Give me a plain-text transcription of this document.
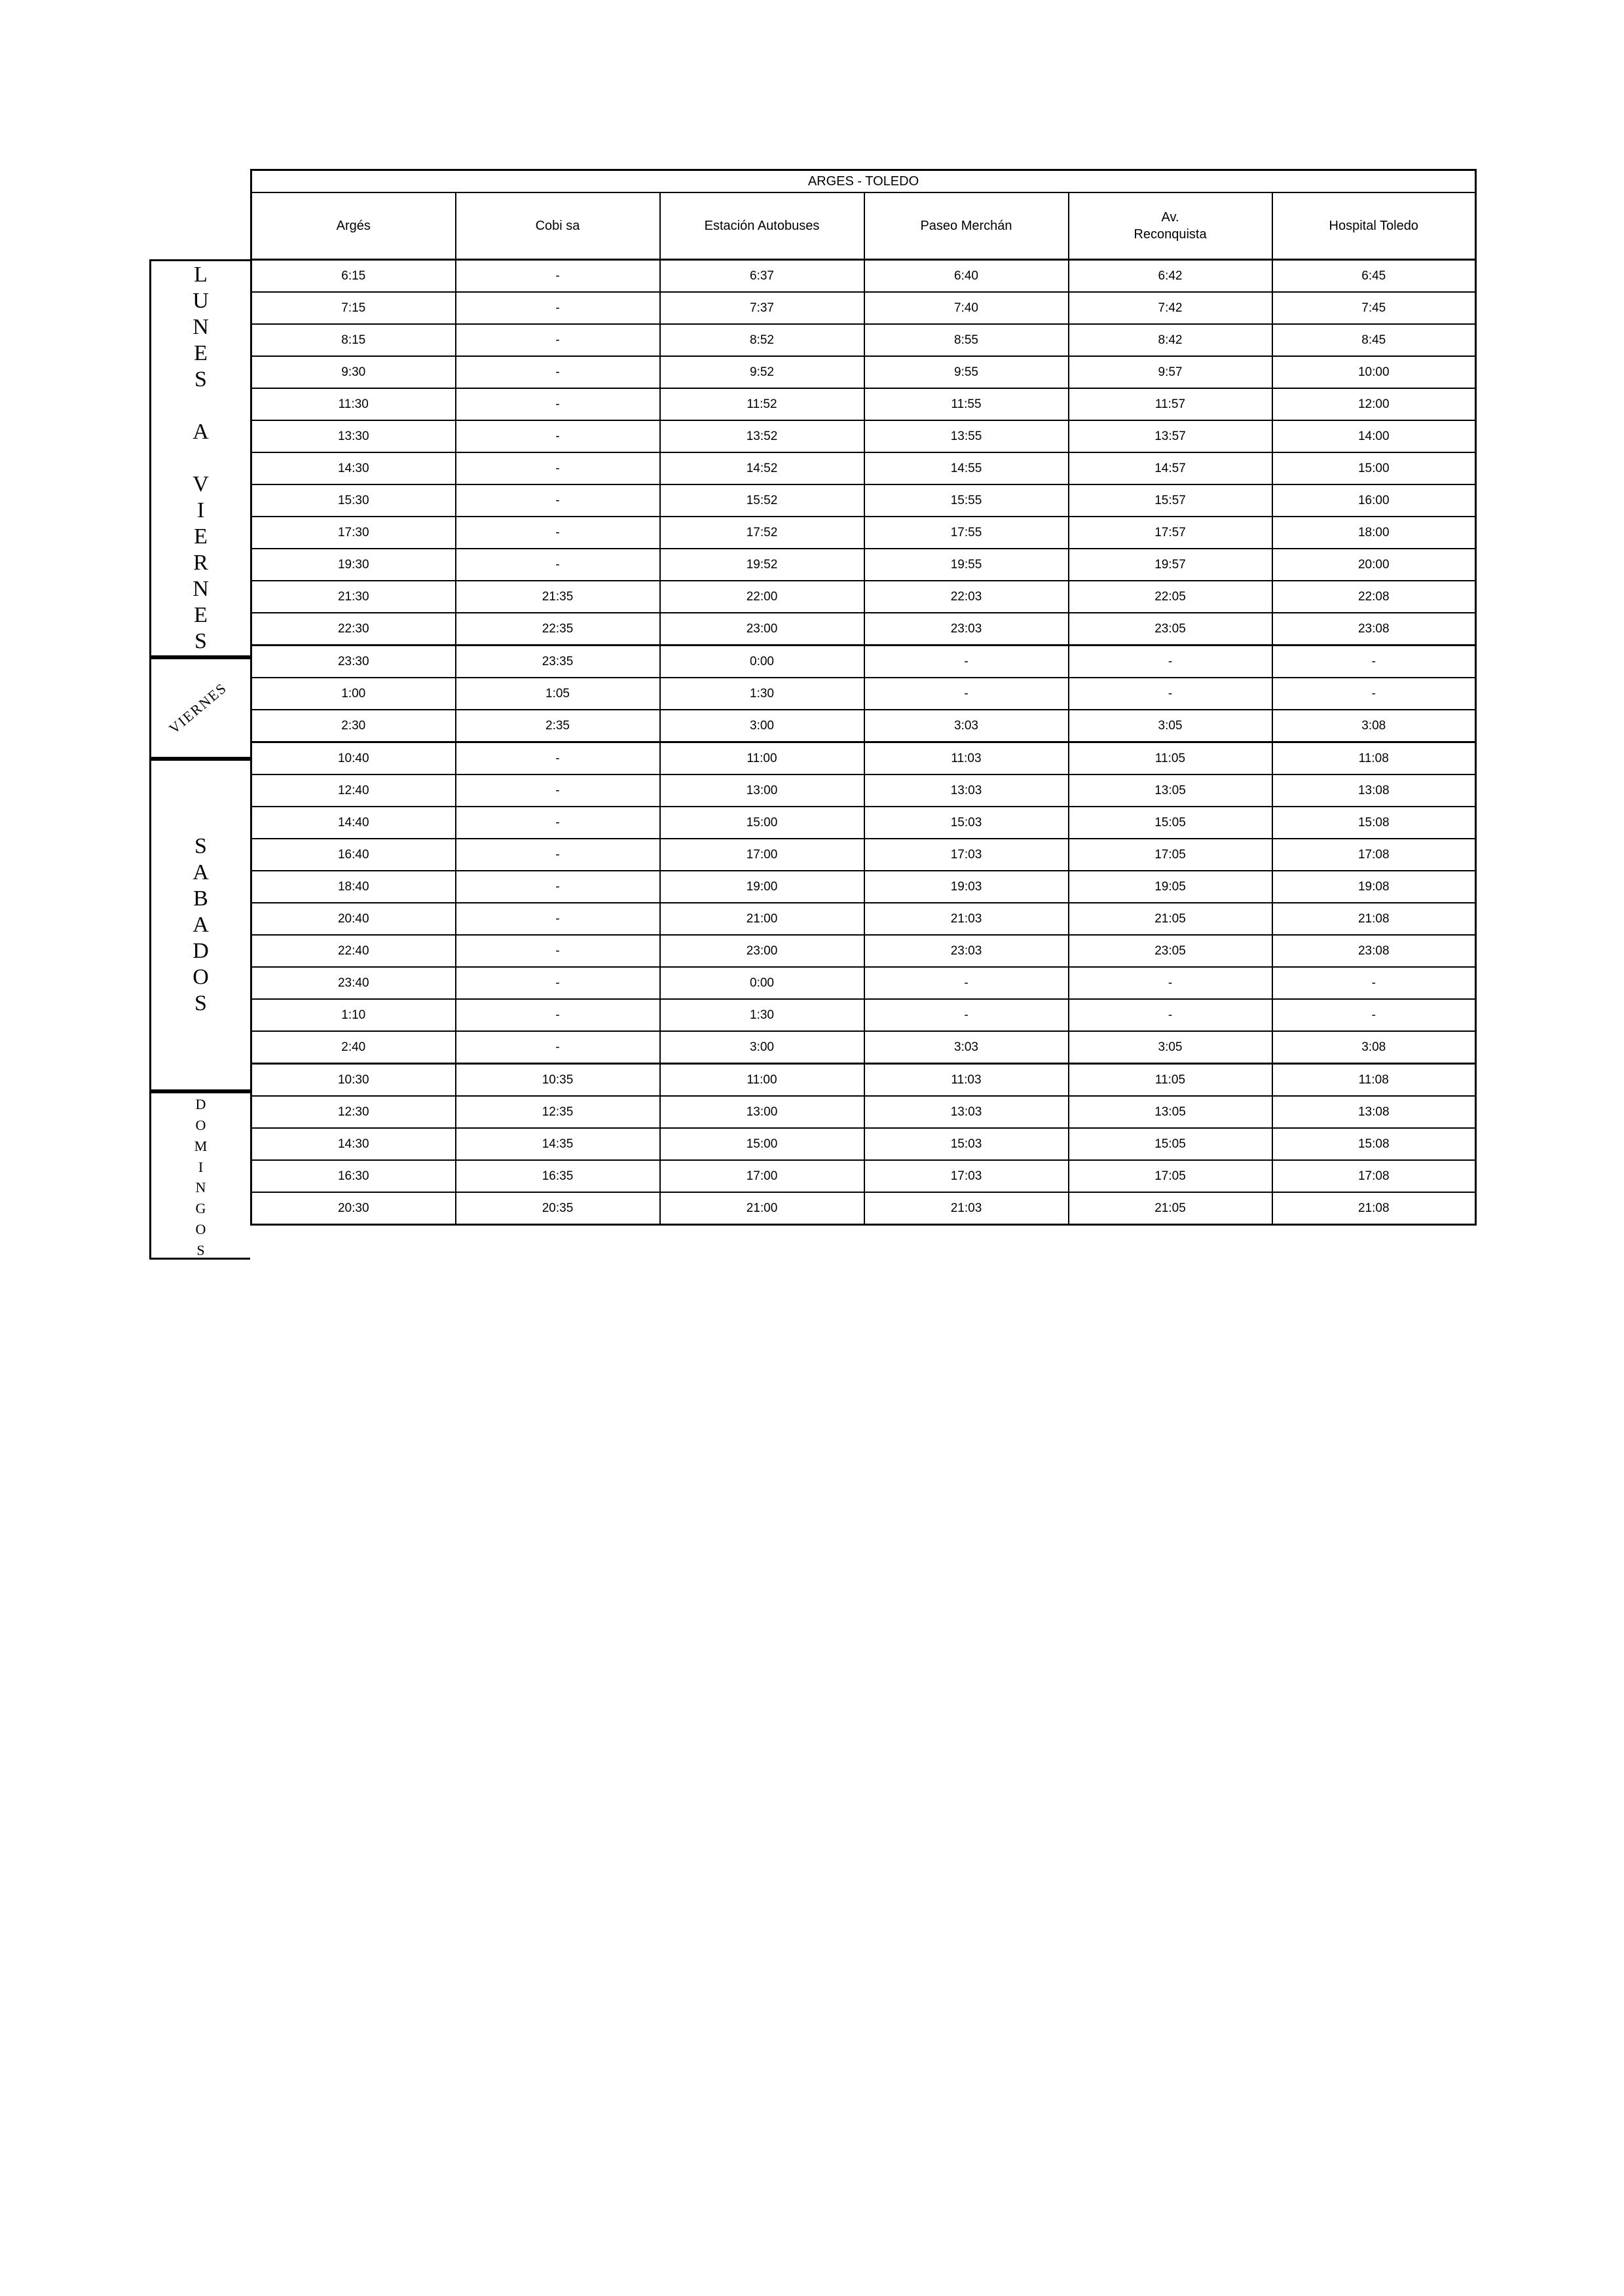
L
U
N
E
S

A

V
I
E
R
N
E
S
VIERNES
S
A
B
A
D
O
S
D
O
M
I
N
G
O
S
ARGES - TOLEDO					
Argés	Cobi sa	Estación Autobuses	Paseo Merchán	Av.
Reconquista	Hospital Toledo
6:15	-	6:37	6:40	6:42	6:45
7:15	-	7:37	7:40	7:42	7:45
8:15	-	8:52	8:55	8:42	8:45
9:30	-	9:52	9:55	9:57	10:00
11:30	-	11:52	11:55	11:57	12:00
13:30	-	13:52	13:55	13:57	14:00
14:30	-	14:52	14:55	14:57	15:00
15:30	-	15:52	15:55	15:57	16:00
17:30	-	17:52	17:55	17:57	18:00
19:30	-	19:52	19:55	19:57	20:00
21:30	21:35	22:00	22:03	22:05	22:08
22:30	22:35	23:00	23:03	23:05	23:08
23:30	23:35	0:00	-	-	-
1:00	1:05	1:30	-	-	-
2:30	2:35	3:00	3:03	3:05	3:08
10:40	-	11:00	11:03	11:05	11:08
12:40	-	13:00	13:03	13:05	13:08
14:40	-	15:00	15:03	15:05	15:08
16:40	-	17:00	17:03	17:05	17:08
18:40	-	19:00	19:03	19:05	19:08
20:40	-	21:00	21:03	21:05	21:08
22:40	-	23:00	23:03	23:05	23:08
23:40	-	0:00	-	-	-
1:10	-	1:30	-	-	-
2:40	-	3:00	3:03	3:05	3:08
10:30	10:35	11:00	11:03	11:05	11:08
12:30	12:35	13:00	13:03	13:05	13:08
14:30	14:35	15:00	15:03	15:05	15:08
16:30	16:35	17:00	17:03	17:05	17:08
20:30	20:35	21:00	21:03	21:05	21:08
